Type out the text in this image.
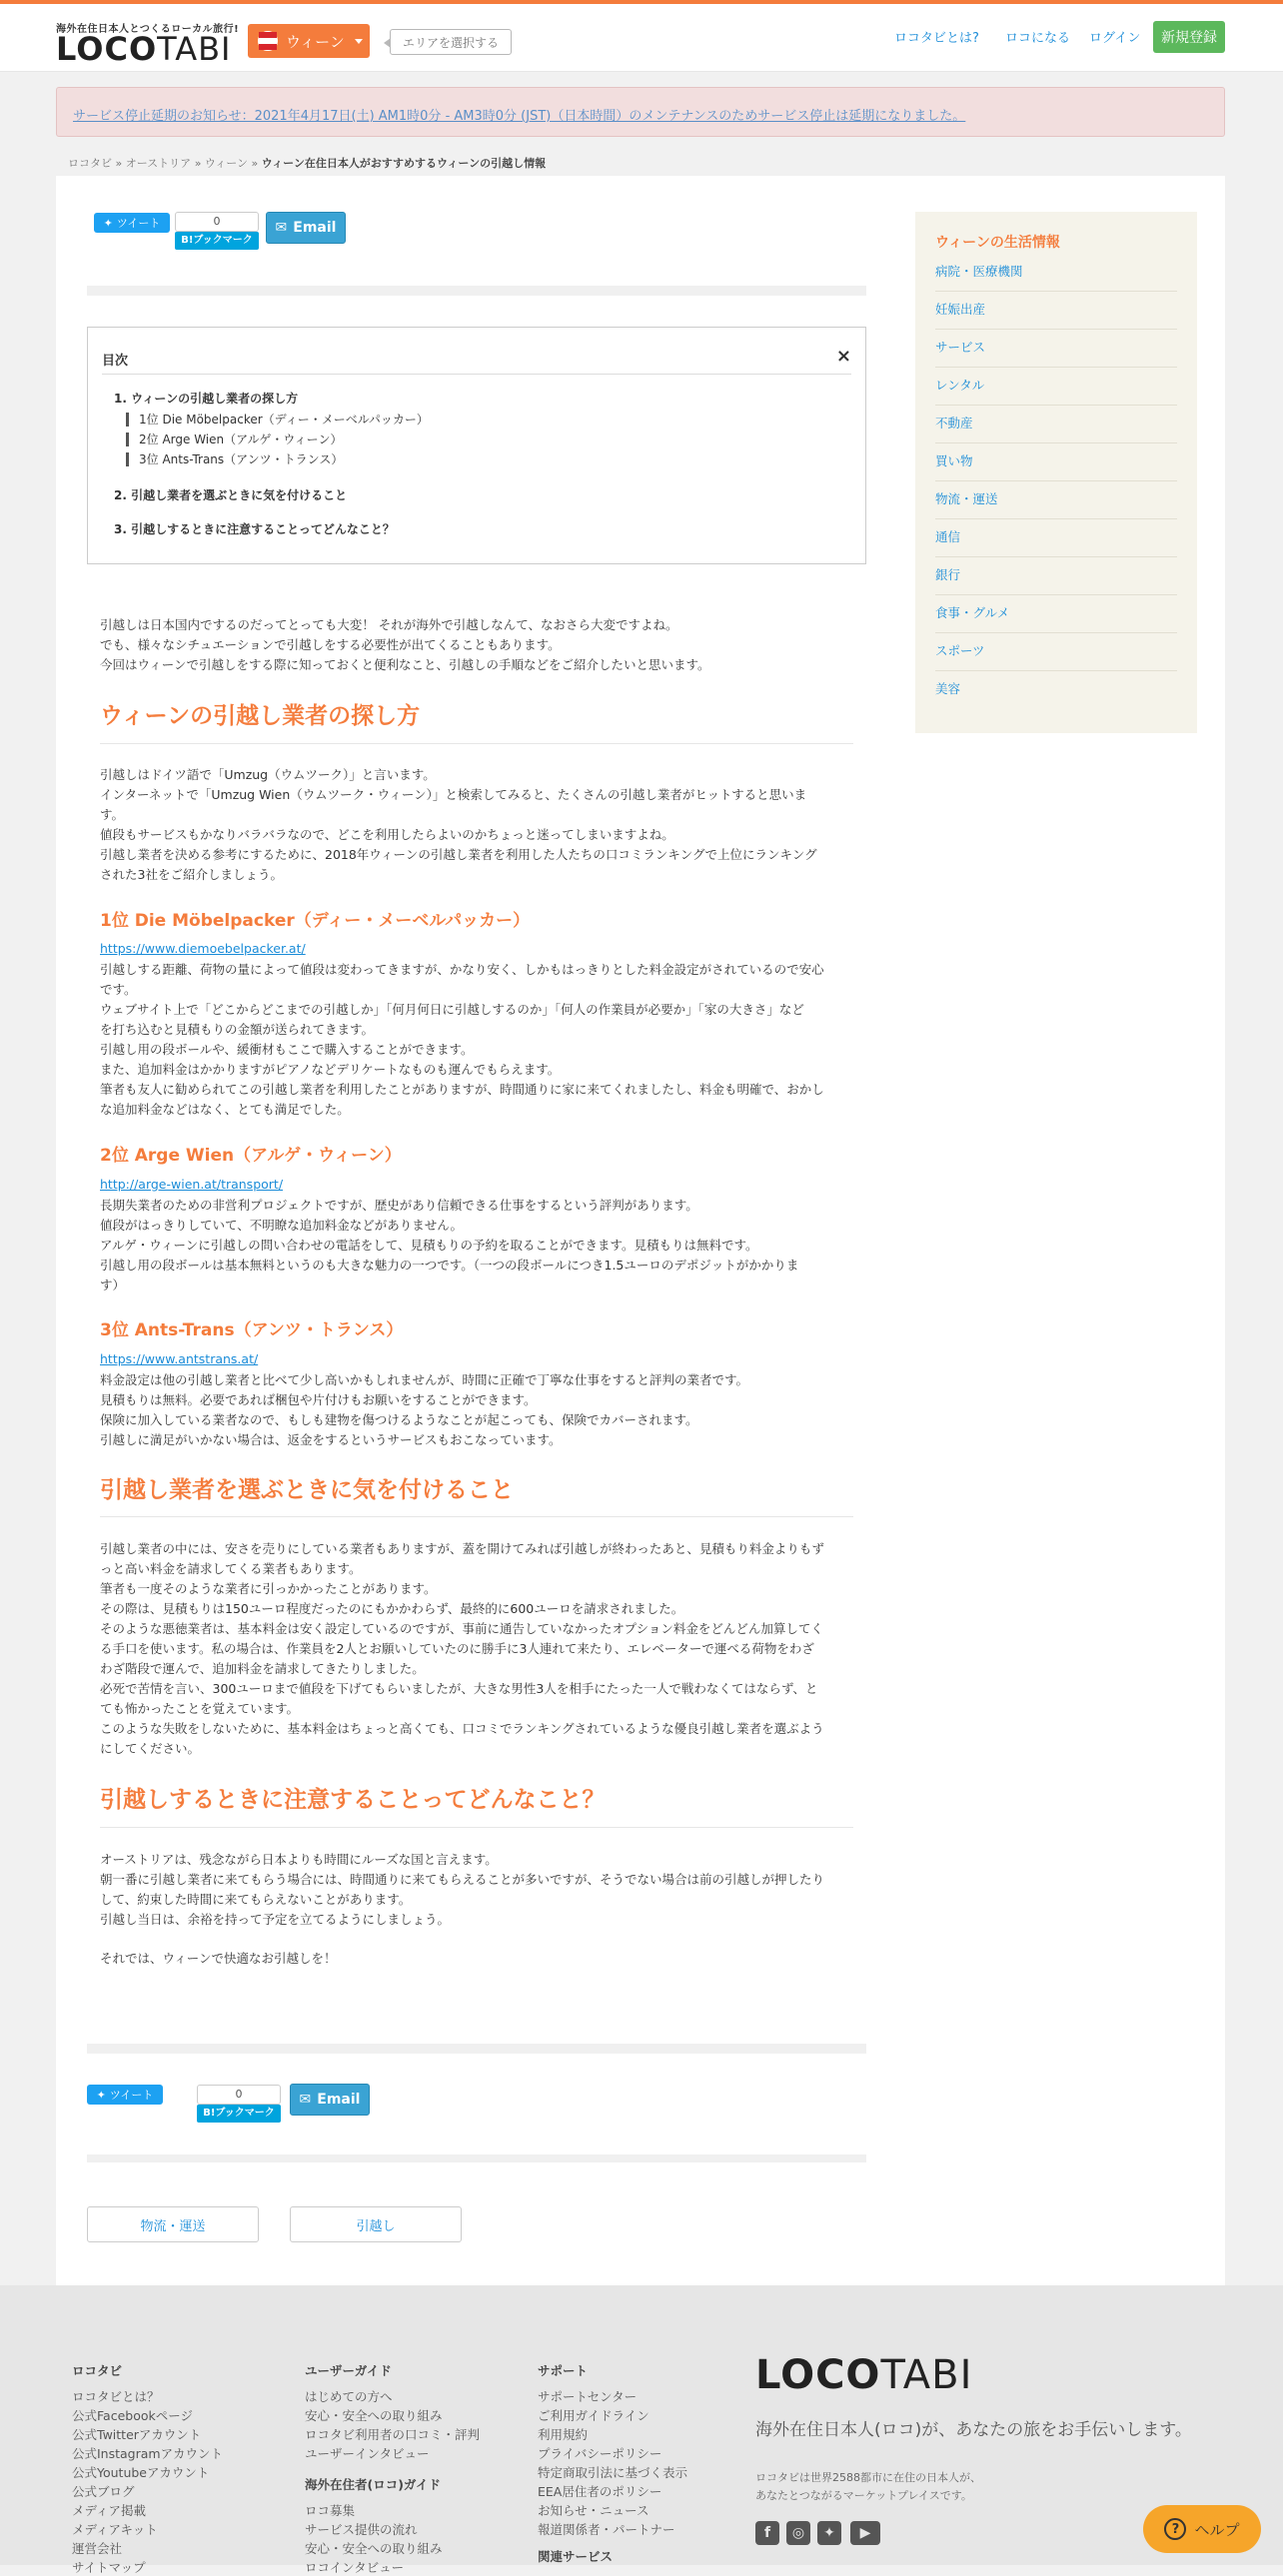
海外在住日本人とつくるローカル旅行!
LOCOTABI	ウィーン	エリアを選択する	ロコタビとは? ロコになる ログイン	新規登録
サービス停止延期のお知らせ：2021年4月17日(土) AM1時0分 - AM3時0分 (JST)（日本時間）のメンテナンスのためサービス停止は延期になりました。
ロコタビ » オーストリア » ウィーン » ウィーン在住日本人がおすすめするウィーンの引越し情報
✦ ツイート	0
B!ブックマーク
✉ Email
目次	×
1. ウィーンの引越し業者の探し方
1位 Die Möbelpacker（ディー・メーベルパッカー）
2位 Arge Wien（アルゲ・ウィーン）
3位 Ants-Trans（アンツ・トランス）
2. 引越し業者を選ぶときに気を付けること
3. 引越しするときに注意することってどんなこと？
引越しは日本国内でするのだってとっても大変！ それが海外で引越しなんて、なおさら大変ですよね。
でも、様々なシチュエーションで引越しをする必要性が出てくることもあります。
今回はウィーンで引越しをする際に知っておくと便利なこと、引越しの手順などをご紹介したいと思います。
ウィーンの引越し業者の探し方
引越しはドイツ語で「Umzug（ウムツーク）」と言います。
インターネットで「Umzug Wien（ウムツーク・ウィーン）」と検索してみると、たくさんの引越し業者がヒットすると思いま
す。
値段もサービスもかなりバラバラなので、どこを利用したらよいのかちょっと迷ってしまいますよね。
引越し業者を決める参考にするために、2018年ウィーンの引越し業者を利用した人たちの口コミランキングで上位にランキング
された3社をご紹介しましょう。
1位 Die Möbelpacker（ディー・メーベルパッカー）
https://www.diemoebelpacker.at/
引越しする距離、荷物の量によって値段は変わってきますが、かなり安く、しかもはっきりとした料金設定がされているので安心
です。
ウェブサイト上で「どこからどこまでの引越しか」「何月何日に引越しするのか」「何人の作業員が必要か」「家の大きさ」など
を打ち込むと見積もりの金額が送られてきます。
引越し用の段ボールや、緩衝材もここで購入することができます。
また、追加料金はかかりますがピアノなどデリケートなものも運んでもらえます。
筆者も友人に勧められてこの引越し業者を利用したことがありますが、時間通りに家に来てくれましたし、料金も明確で、おかし
な追加料金などはなく、とても満足でした。
2位 Arge Wien（アルゲ・ウィーン）
http://arge-wien.at/transport/
長期失業者のための非営利プロジェクトですが、歴史があり信頼できる仕事をするという評判があります。
値段がはっきりしていて、不明瞭な追加料金などがありません。
アルゲ・ウィーンに引越しの問い合わせの電話をして、見積もりの予約を取ることができます。見積もりは無料です。
引越し用の段ボールは基本無料というのも大きな魅力の一つです。（一つの段ボールにつき1.5ユーロのデポジットがかかりま
す）
3位 Ants-Trans（アンツ・トランス）
https://www.antstrans.at/
料金設定は他の引越し業者と比べて少し高いかもしれませんが、時間に正確で丁寧な仕事をすると評判の業者です。
見積もりは無料。必要であれば梱包や片付けもお願いをすることができます。
保険に加入している業者なので、もしも建物を傷つけるようなことが起こっても、保険でカバーされます。
引越しに満足がいかない場合は、返金をするというサービスもおこなっています。
引越し業者を選ぶときに気を付けること
引越し業者の中には、安さを売りにしている業者もありますが、蓋を開けてみれば引越しが終わったあと、見積もり料金よりもず
っと高い料金を請求してくる業者もあります。
筆者も一度そのような業者に引っかかったことがあります。
その際は、見積もりは150ユーロ程度だったのにもかかわらず、最終的に600ユーロを請求されました。
そのような悪徳業者は、基本料金は安く設定しているのですが、事前に通告していなかったオプション料金をどんどん加算してく
る手口を使います。私の場合は、作業員を2人とお願いしていたのに勝手に3人連れて来たり、エレベーターで運べる荷物をわざ
わざ階段で運んで、追加料金を請求してきたりしました。
必死で苦情を言い、300ユーロまで値段を下げてもらいましたが、大きな男性3人を相手にたった一人で戦わなくてはならず、と
ても怖かったことを覚えています。
このような失敗をしないために、基本料金はちょっと高くても、口コミでランキングされているような優良引越し業者を選ぶよう
にしてください。
引越しするときに注意することってどんなこと？
オーストリアは、残念ながら日本よりも時間にルーズな国と言えます。
朝一番に引越し業者に来てもらう場合には、時間通りに来てもらえることが多いですが、そうでない場合は前の引越しが押したり
して、約束した時間に来てもらえないことがあります。
引越し当日は、余裕を持って予定を立てるようにしましょう。
それでは、ウィーンで快適なお引越しを！
✦ ツイート	0
B!ブックマーク
✉ Email
物流・運送	引越し
ウィーンの生活情報
病院・医療機関
妊娠出産
サービス
レンタル
不動産
買い物
物流・運送
通信
銀行
食事・グルメ
スポーツ
美容
ロコタビ
ロコタビとは？
公式Facebookページ
公式Twitterアカウント
公式Instagramアカウント
公式Youtubeアカウント
公式ブログ
メディア掲載
メディアキット
運営会社
サイトマップ
ユーザーガイド
はじめての方へ
安心・安全への取り組み
ロコタビ利用者の口コミ・評判
ユーザーインタビュー
海外在住者(ロコ)ガイド
ロコ募集
サービス提供の流れ
安心・安全への取り組み
ロコインタビュー
サポート
サポートセンター
ご利用ガイドライン
利用規約
プライバシーポリシー
特定商取引法に基づく表示
EEA居住者のポリシー
お知らせ・ニュース
報道関係者・パートナー
関連サービス
LOCOTABI
海外在住日本人(ロコ)が、あなたの旅をお手伝いします。
ロコタビは世界2588都市に在住の日本人が、
あなたとつながるマーケットプレイスです。
f	◎	✦	▶	?	ヘルプ
